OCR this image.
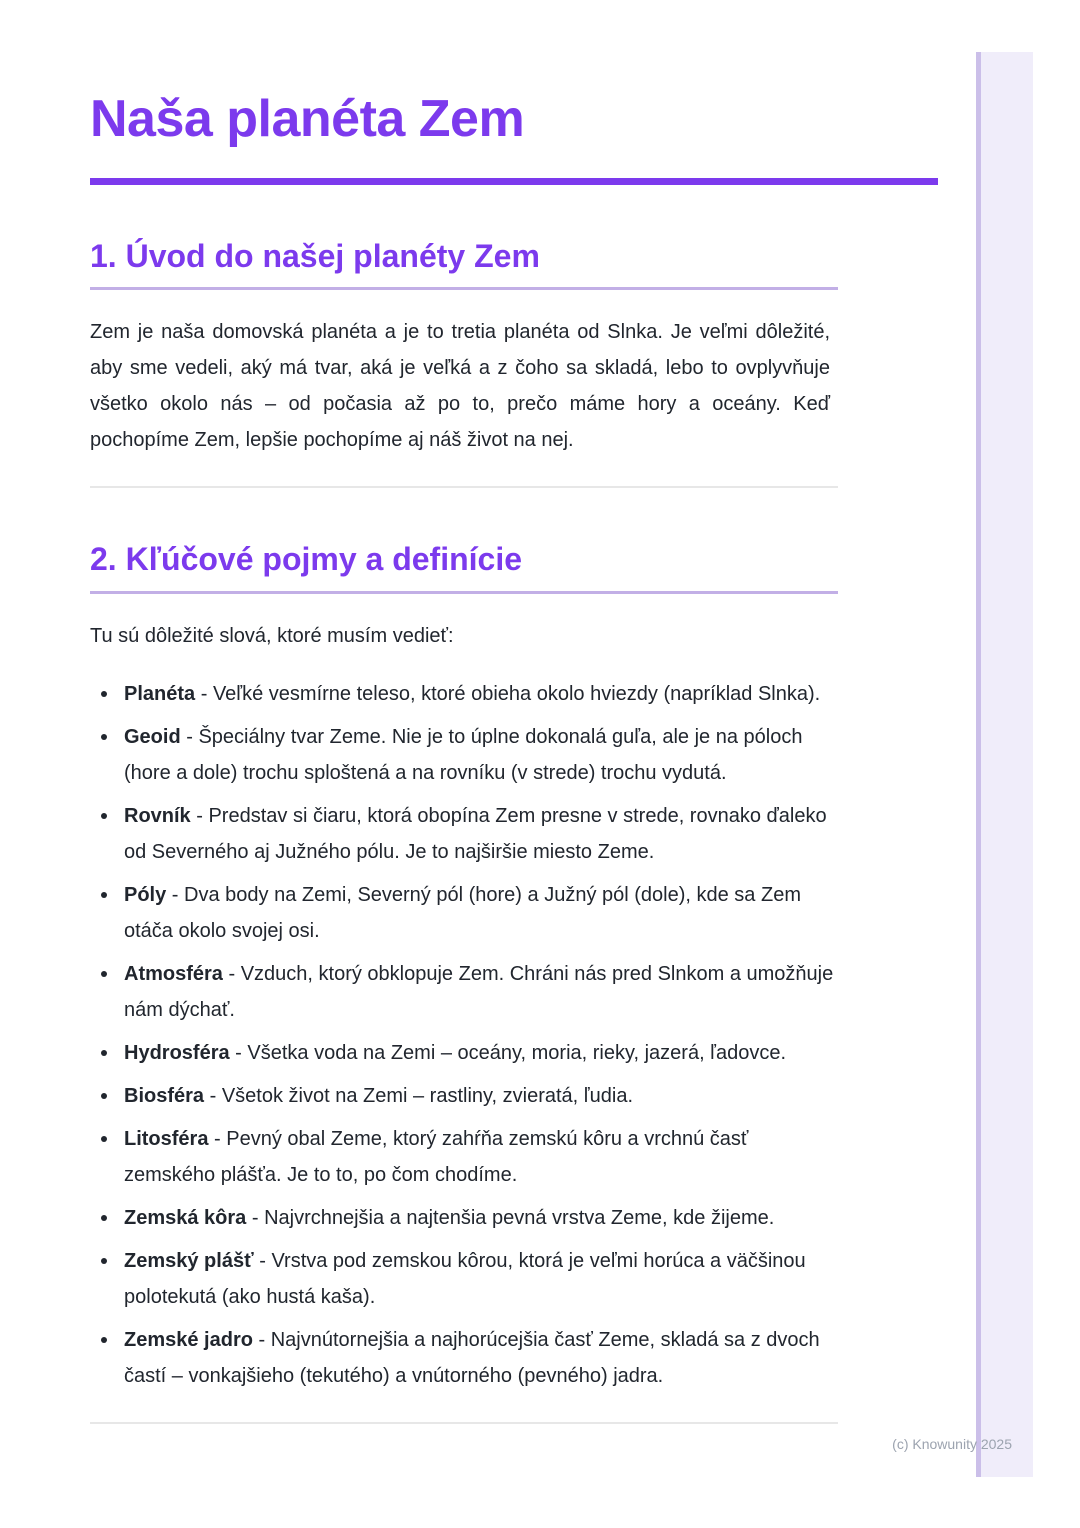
Naša planéta Zem
1. Úvod do našej planéty Zem

Zem je naša domovská planéta a je to tretia planéta od Slnka. Je veľmi dôležité, aby sme vedeli, aký má tvar, aká je veľká a z čoho sa skladá, lebo to ovplyvňuje všetko okolo nás – od počasia až po to, prečo máme hory a oceány. Keď pochopíme Zem, lepšie pochopíme aj náš život na nej.

2. Kľúčové pojmy a definície

Tu sú dôležité slová, ktoré musím vedieť:

Planéta - Veľké vesmírne teleso, ktoré obieha okolo hviezdy (napríklad Slnka).
Geoid - Špeciálny tvar Zeme. Nie je to úplne dokonalá guľa, ale je na póloch (hore a dole) trochu sploštená a na rovníku (v strede) trochu vydutá.
Rovník - Predstav si čiaru, ktorá obopína Zem presne v strede, rovnako ďaleko od Severného aj Južného pólu. Je to najširšie miesto Zeme.
Póly - Dva body na Zemi, Severný pól (hore) a Južný pól (dole), kde sa Zem otáča okolo svojej osi.
Atmosféra - Vzduch, ktorý obklopuje Zem. Chráni nás pred Slnkom a umožňuje nám dýchať.
Hydrosféra - Všetka voda na Zemi – oceány, moria, rieky, jazerá, ľadovce.
Biosféra - Všetok život na Zemi – rastliny, zvieratá, ľudia.
Litosféra - Pevný obal Zeme, ktorý zahŕňa zemskú kôru a vrchnú časť zemského plášťa. Je to to, po čom chodíme.
Zemská kôra - Najvrchnejšia a najtenšia pevná vrstva Zeme, kde žijeme.
Zemský plášť - Vrstva pod zemskou kôrou, ktorá je veľmi horúca a väčšinou polotekutá (ako hustá kaša).
Zemské jadro - Najvnútornejšia a najhorúcejšia časť Zeme, skladá sa z dvoch častí – vonkajšieho (tekutého) a vnútorného (pevného) jadra.
(c) Knowunity 2025
